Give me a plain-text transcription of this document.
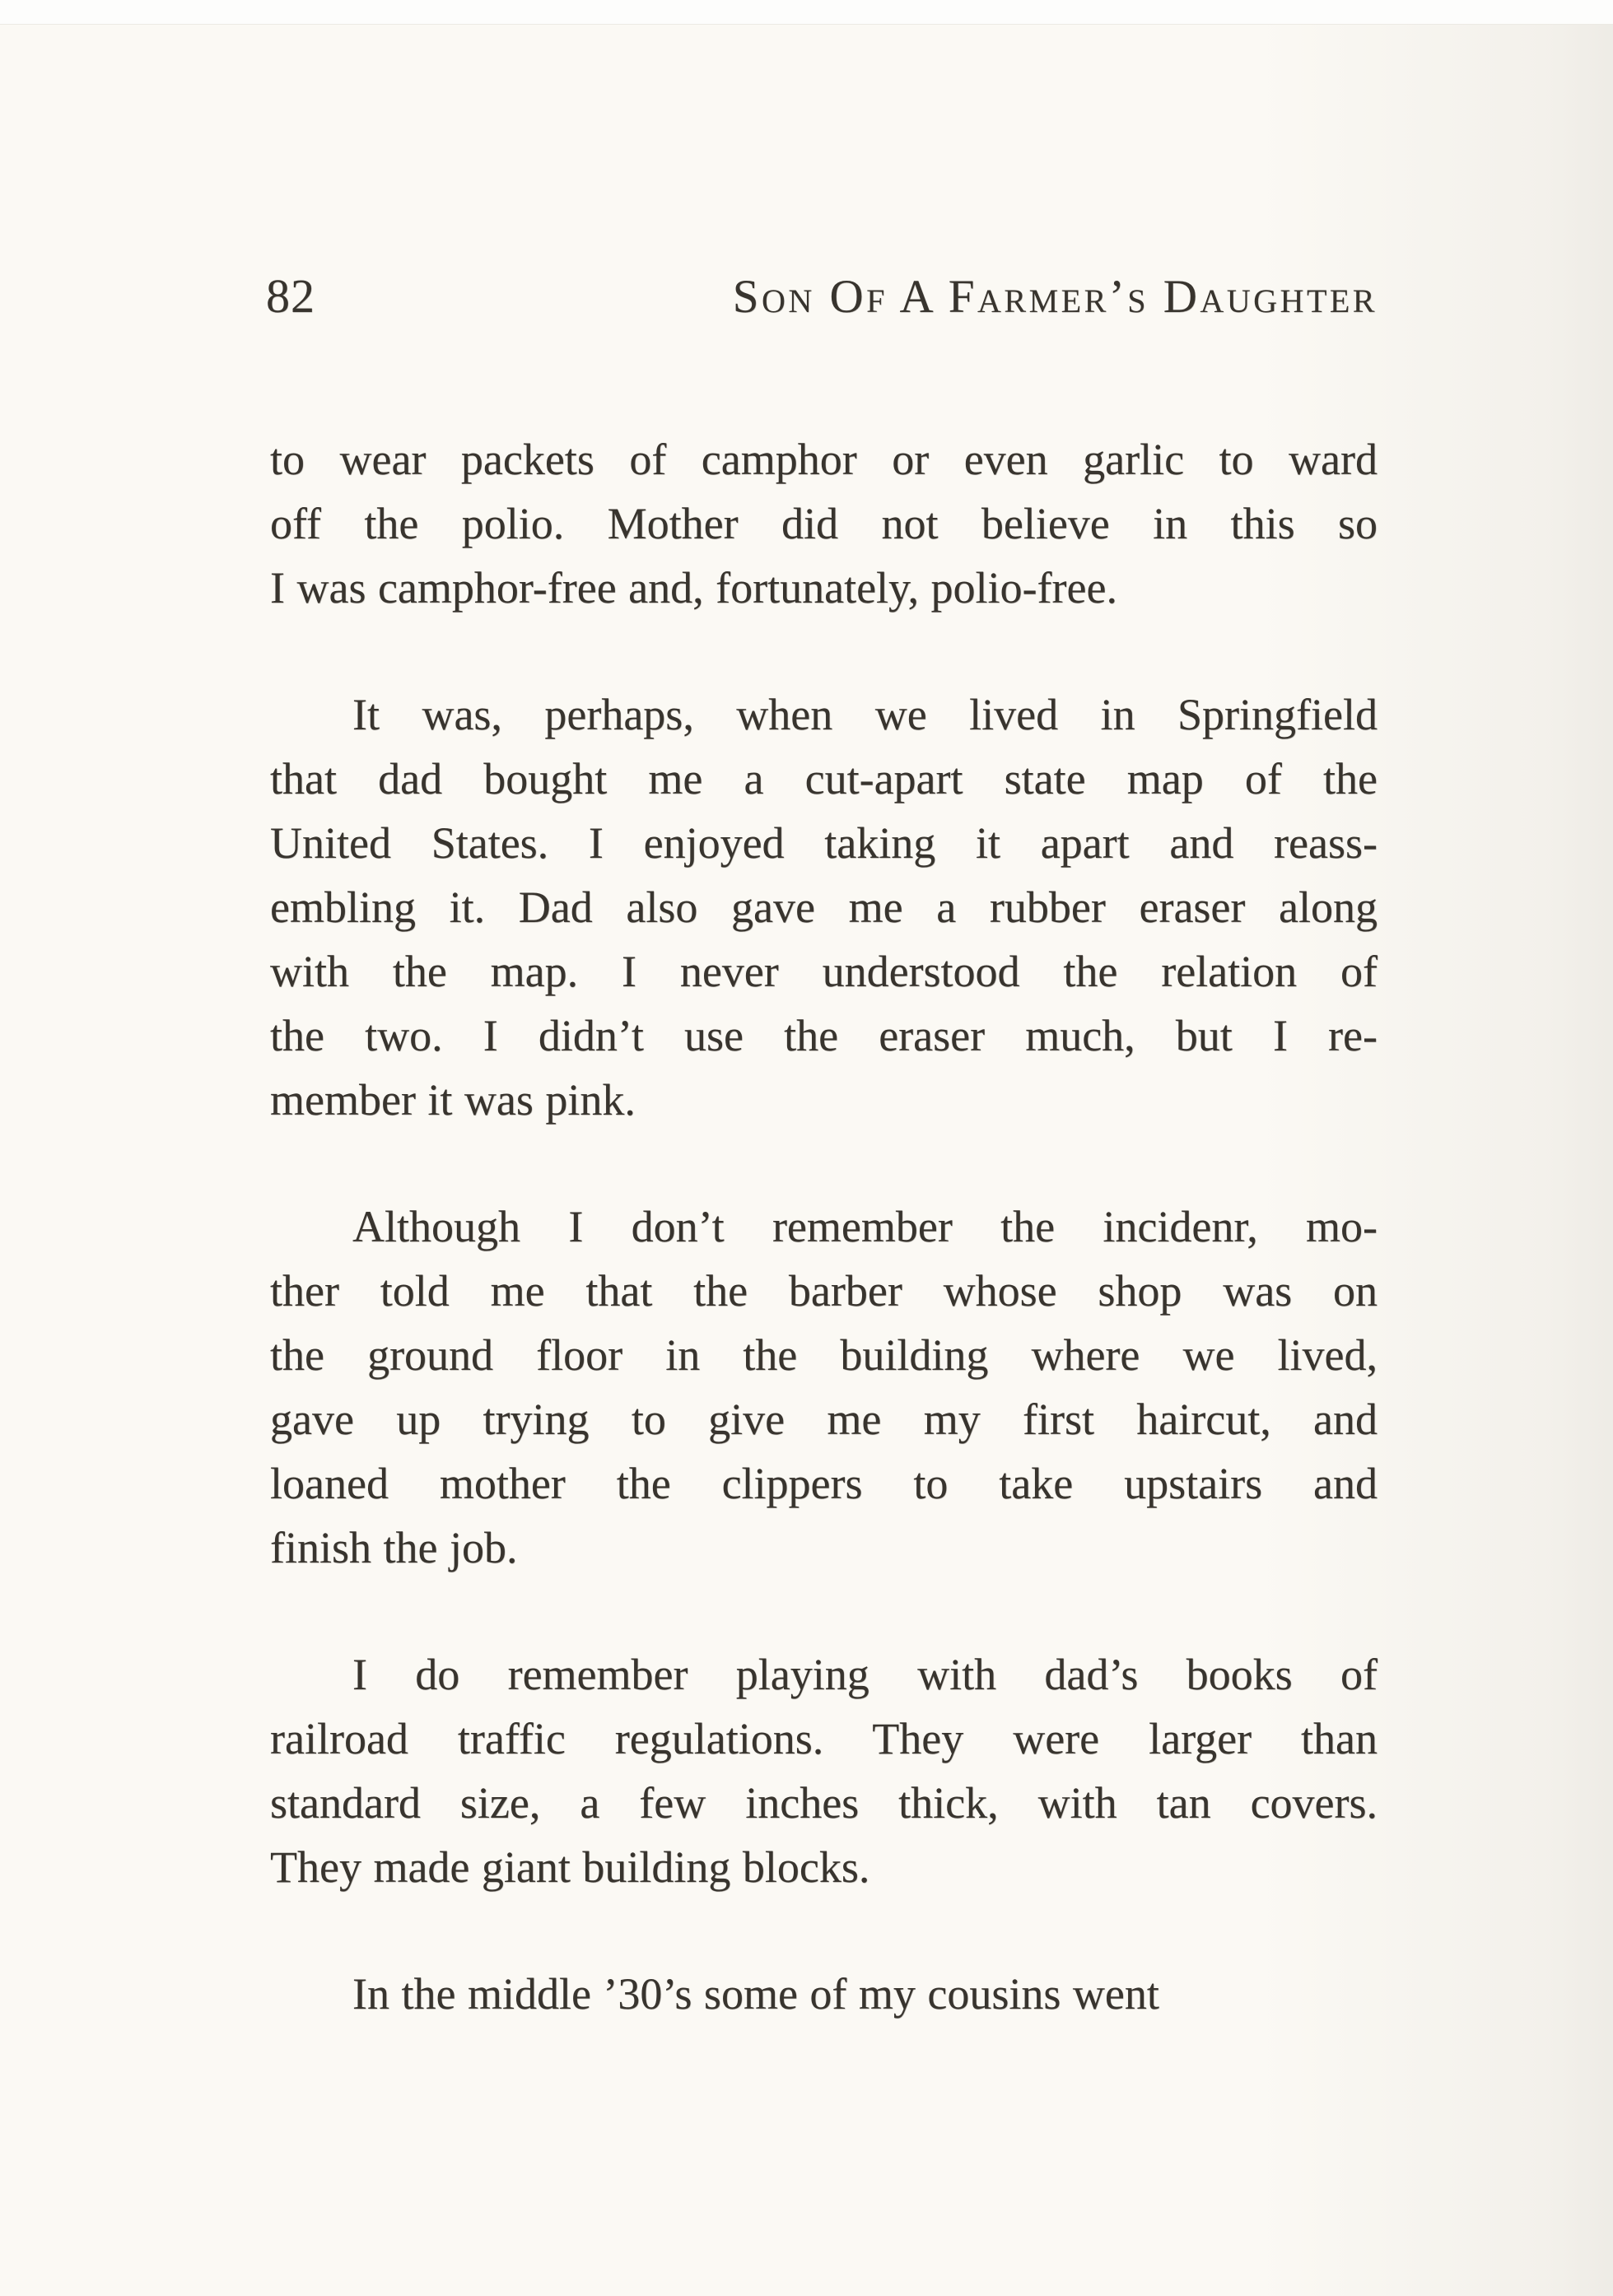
82	Son Of A Farmer’s Daughter
to wear packets of camphor or even garlic to ward
off the polio. Mother did not believe in this so
I was camphor-free and, fortunately, polio-free.
It was, perhaps, when we lived in Springfield
that dad bought me a cut-apart state map of the
United States. I enjoyed taking it apart and reass-
embling it. Dad also gave me a rubber eraser along
with the map. I never understood the relation of
the two. I didn’t use the eraser much, but I re-
member it was pink.
Although I don’t remember the incidenr, mo-
ther told me that the barber whose shop was on
the ground floor in the building where we lived,
gave up trying to give me my first haircut, and
loaned mother the clippers to take upstairs and
finish the job.
I do remember playing with dad’s books of
railroad traffic regulations. They were larger than
standard size, a few inches thick, with tan covers.
They made giant building blocks.
In the middle ’30’s some of my cousins went
